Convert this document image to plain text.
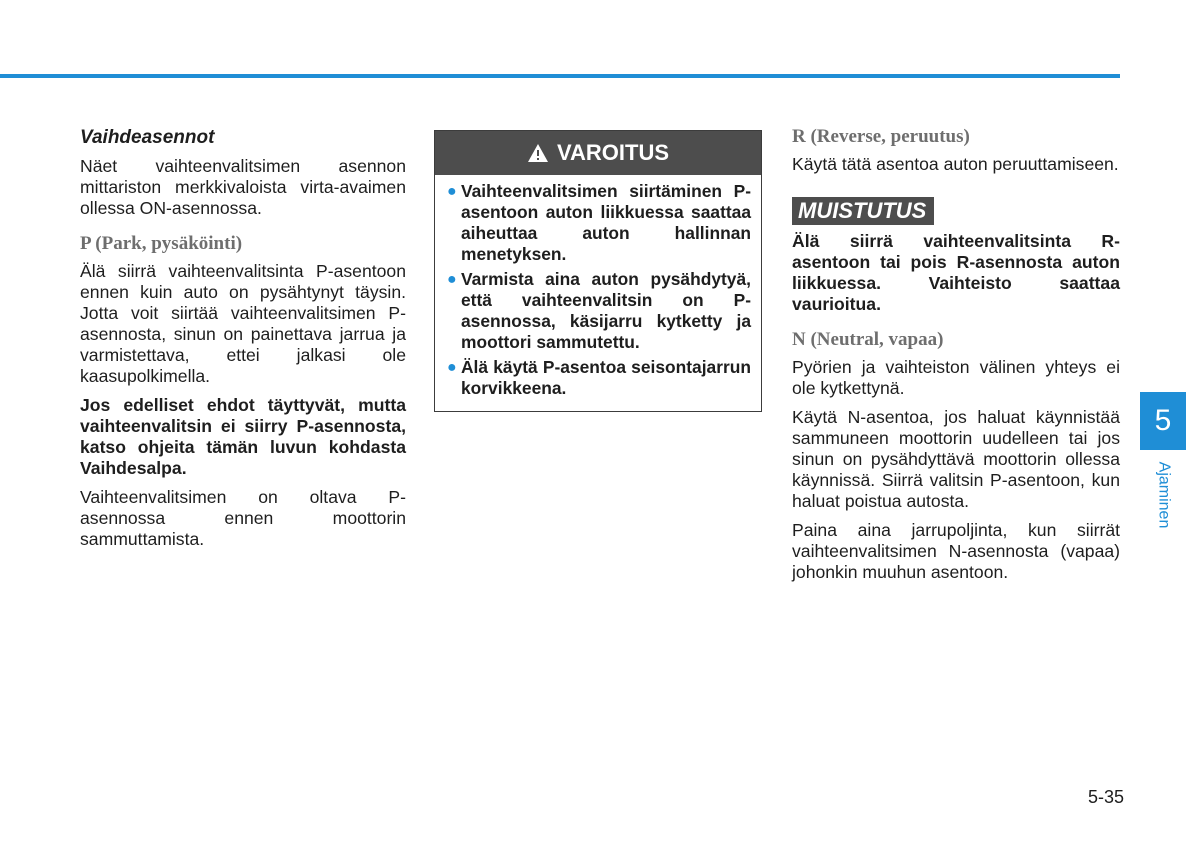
Vaihdeasennot

Näet vaihteenvalitsimen asennon mittariston merkkivaloista virta-avaimen ollessa ON-asennossa.

P (Park, pysäköinti)

Älä siirrä vaihteenvalitsinta P-asentoon ennen kuin auto on pysähtynyt täysin. Jotta voit siirtää vaihteenvalitsimen P-asennosta, sinun on painettava jarrua ja varmistettava, ettei jalkasi ole kaasupolkimella.

Jos edelliset ehdot täyttyvät, mutta vaihteenvalitsin ei siirry P-asennosta, katso ohjeita tämän luvun kohdasta Vaihdesalpa.

Vaihteenvalitsimen on oltava P-asennossa ennen moottorin sammuttamista.

VAROITUS
● Vaihteenvalitsimen siirtäminen P-asentoon auton liikkuessa saattaa aiheuttaa auton hallinnan menetyksen.
● Varmista aina auton pysähdytyä, että vaihteenvalitsin on P-asennossa, käsijarru kytketty ja moottori sammutettu.
● Älä käytä P-asentoa seisontajarrun korvikkeena.

R (Reverse, peruutus)

Käytä tätä asentoa auton peruuttamiseen.

MUISTUTUS

Älä siirrä vaihteenvalitsinta R-asentoon tai pois R-asennosta auton liikkuessa. Vaihteisto saattaa vaurioitua.

N (Neutral, vapaa)

Pyörien ja vaihteiston välinen yhteys ei ole kytkettynä.

Käytä N-asentoa, jos haluat käynnistää sammuneen moottorin uudelleen tai jos sinun on pysähdyttävä moottorin ollessa käynnissä. Siirrä valitsin P-asentoon, kun haluat poistua autosta.

Paina aina jarrupoljinta, kun siirrät vaihteenvalitsimen N-asennosta (vapaa) johonkin muuhun asentoon.

5
Ajaminen
5-35
